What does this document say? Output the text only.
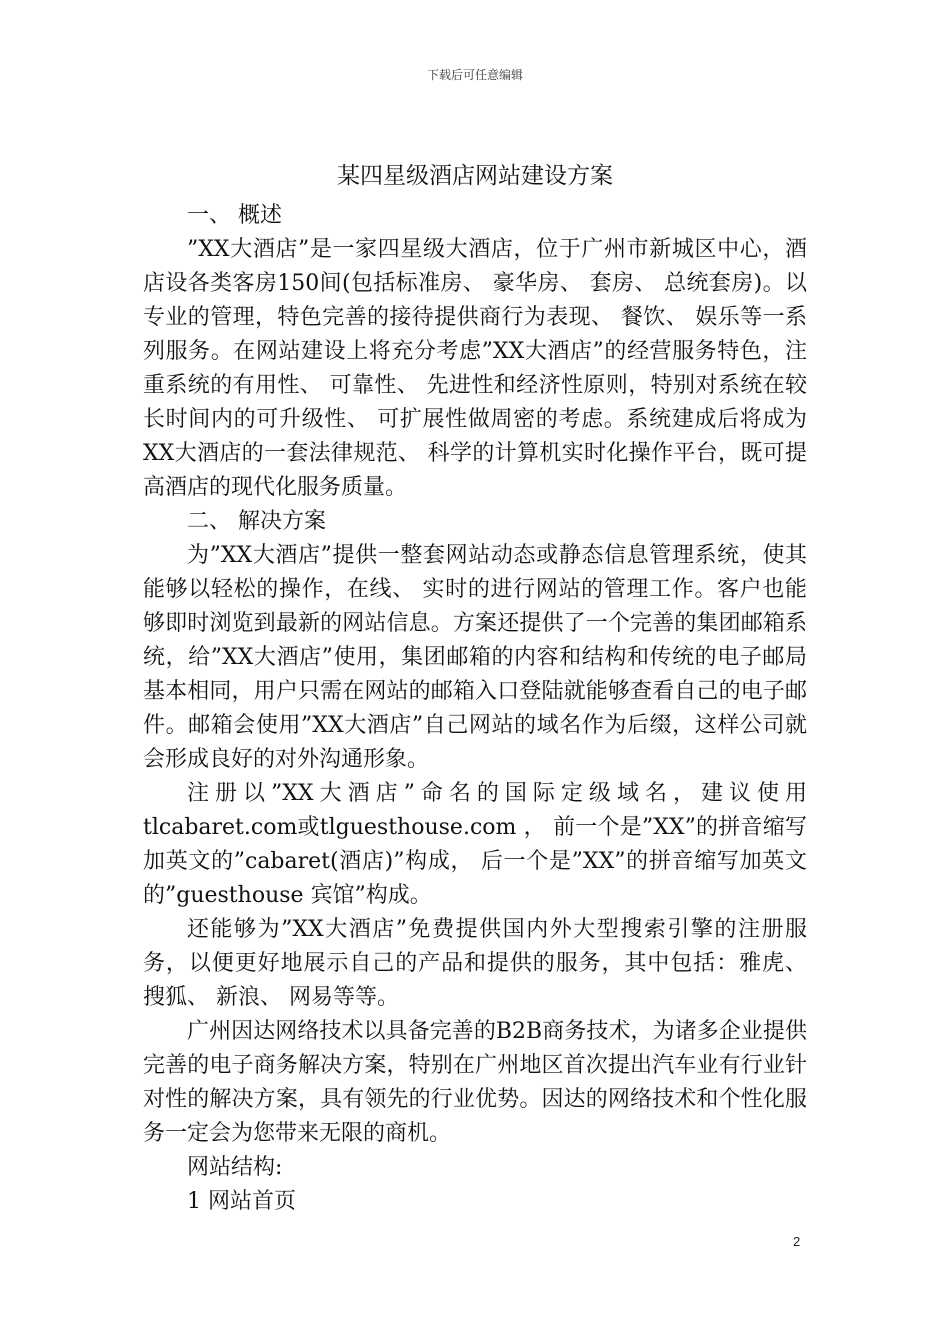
下载后可任意编辑
某四星级酒店网站建设方案

一、 概述

”XX大酒店”是一家四星级大酒店，位于广州市新城区中心，酒店设各类客房150间(包括标准房、 豪华房、 套房、 总统套房)。以专业的管理，特色完善的接待提供商行为表现、 餐饮、 娱乐等一系列服务。在网站建设上将充分考虑”XX大酒店”的经营服务特色，注重系统的有用性、 可靠性、 先进性和经济性原则，特别对系统在较长时间内的可升级性、 可扩展性做周密的考虑。系统建成后将成为XX大酒店的一套法律规范、 科学的计算机实时化操作平台，既可提高酒店的现代化服务质量。

二、 解决方案

为”XX大酒店”提供一整套网站动态或静态信息管理系统，使其能够以轻松的操作，在线、 实时的进行网站的管理工作。客户也能够即时浏览到最新的网站信息。方案还提供了一个完善的集团邮箱系统，给”XX大酒店”使用，集团邮箱的内容和结构和传统的电子邮局基本相同，用户只需在网站的邮箱入口登陆就能够查看自己的电子邮件。邮箱会使用”XX大酒店”自己网站的域名作为后缀，这样公司就会形成良好的对外沟通形象。

注册以”XX大酒店”命名的国际定级域名，建议使用tlcabaret.com或tlguesthouse.com ， 前一个是”XX”的拼音缩写加英文的”cabaret(酒店)”构成， 后一个是”XX”的拼音缩写加英文的”guesthouse 宾馆”构成。

还能够为”XX大酒店”免费提供国内外大型搜索引擎的注册服务，以便更好地展示自己的产品和提供的服务，其中包括：雅虎、 搜狐、 新浪、 网易等等。

广州因达网络技术以具备完善的B2B商务技术，为诸多企业提供完善的电子商务解决方案，特别在广州地区首次提出汽车业有行业针对性的解决方案，具有领先的行业优势。因达的网络技术和个性化服务一定会为您带来无限的商机。

网站结构:

1 网站首页

2
